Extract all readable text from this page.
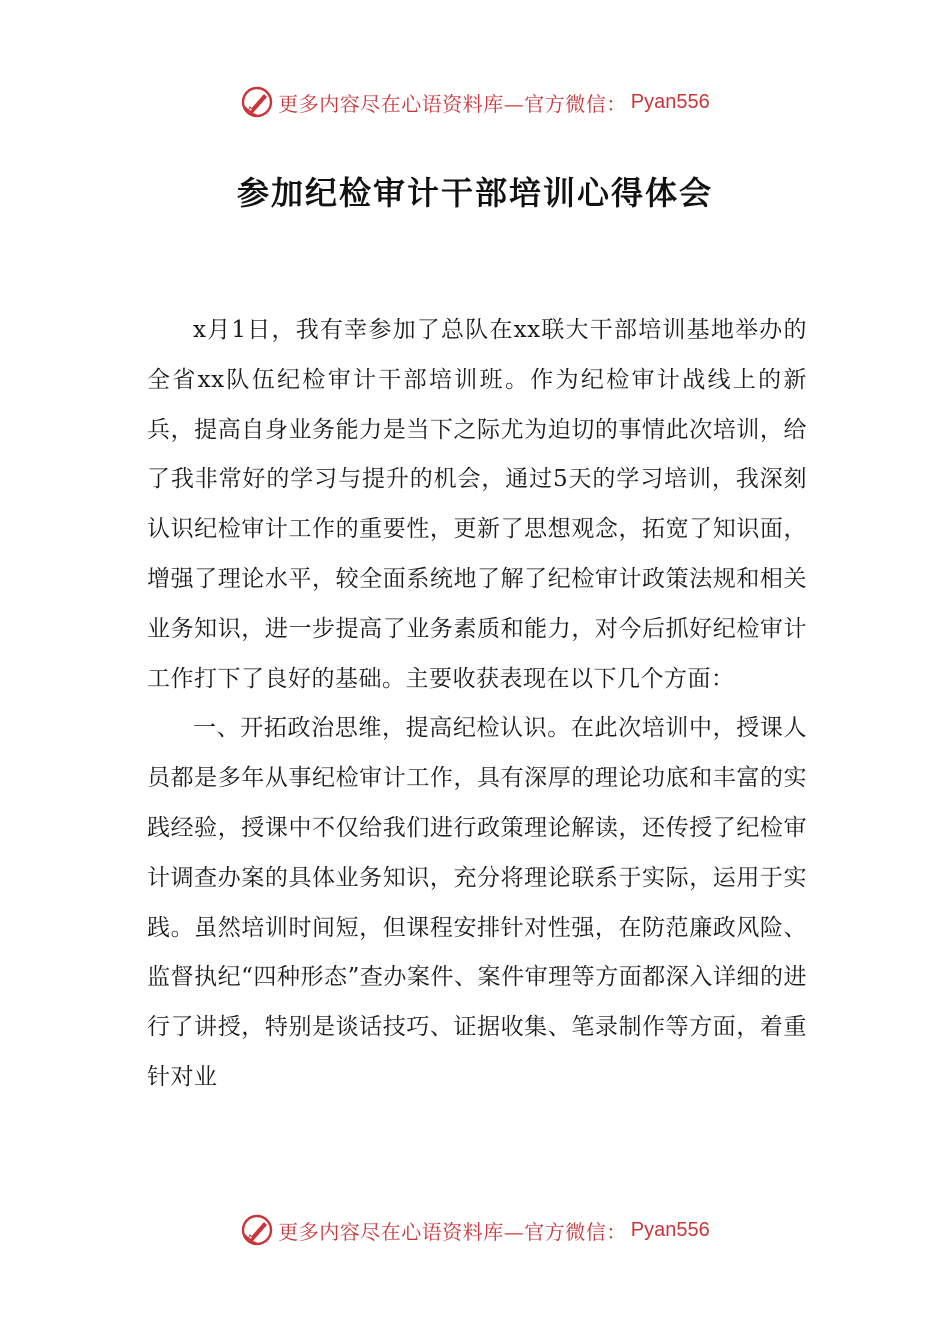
更多内容尽在心语资料库—官方微信： Pyan556
参加纪检审计干部培训心得体会

x月1日，我有幸参加了总队在xx联大干部培训基地举办的全省xx队伍纪检审计干部培训班。作为纪检审计战线上的新兵，提高自身业务能力是当下之际尤为迫切的事情此次培训，给了我非常好的学习与提升的机会，通过5天的学习培训，我深刻认识纪检审计工作的重要性，更新了思想观念，拓宽了知识面，增强了理论水平，较全面系统地了解了纪检审计政策法规和相关业务知识，进一步提高了业务素质和能力，对今后抓好纪检审计工作打下了良好的基础。主要收获表现在以下几个方面：

一、开拓政治思维，提高纪检认识。在此次培训中，授课人员都是多年从事纪检审计工作，具有深厚的理论功底和丰富的实践经验，授课中不仅给我们进行政策理论解读，还传授了纪检审计调查办案的具体业务知识，充分将理论联系于实际，运用于实践。虽然培训时间短，但课程安排针对性强，在防范廉政风险、监督执纪“四种形态”查办案件、案件审理等方面都深入详细的进行了讲授，特别是谈话技巧、证据收集、笔录制作等方面，着重针对业

更多内容尽在心语资料库—官方微信： Pyan556
